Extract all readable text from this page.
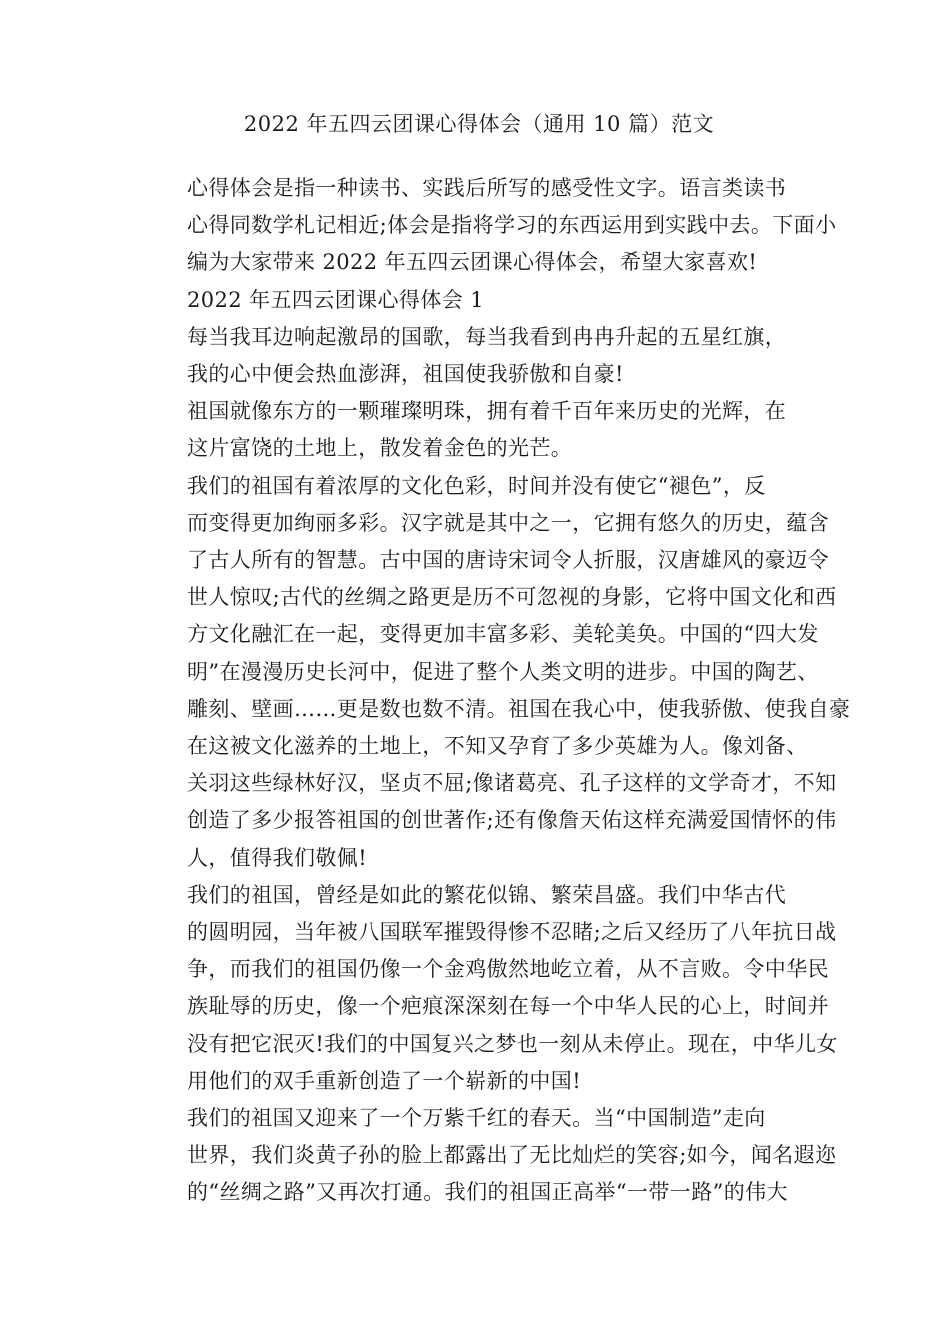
2022 年五四云团课心得体会（通用 10 篇）范文

心得体会是指一种读书、实践后所写的感受性文字。语言类读书
心得同数学札记相近;体会是指将学习的东西运用到实践中去。下面小
编为大家带来 2022 年五四云团课心得体会，希望大家喜欢!

2022 年五四云团课心得体会 1

每当我耳边响起激昂的国歌，每当我看到冉冉升起的五星红旗，
我的心中便会热血澎湃，祖国使我骄傲和自豪!

祖国就像东方的一颗璀璨明珠，拥有着千百年来历史的光辉，在
这片富饶的土地上，散发着金色的光芒。

我们的祖国有着浓厚的文化色彩，时间并没有使它“褪色”，反
而变得更加绚丽多彩。汉字就是其中之一，它拥有悠久的历史，蕴含
了古人所有的智慧。古中国的唐诗宋词令人折服，汉唐雄风的豪迈令
世人惊叹;古代的丝绸之路更是历不可忽视的身影，它将中国文化和西
方文化融汇在一起，变得更加丰富多彩、美轮美奂。中国的“四大发
明”在漫漫历史长河中，促进了整个人类文明的进步。中国的陶艺、
雕刻、壁画……更是数也数不清。祖国在我心中，使我骄傲、使我自豪

在这被文化滋养的土地上，不知又孕育了多少英雄为人。像刘备、
关羽这些绿林好汉，坚贞不屈;像诸葛亮、孔子这样的文学奇才，不知
创造了多少报答祖国的创世著作;还有像詹天佑这样充满爱国情怀的伟
人，值得我们敬佩!

我们的祖国，曾经是如此的繁花似锦、繁荣昌盛。我们中华古代
的圆明园，当年被八国联军摧毁得惨不忍睹;之后又经历了八年抗日战
争，而我们的祖国仍像一个金鸡傲然地屹立着，从不言败。令中华民
族耻辱的历史，像一个疤痕深深刻在每一个中华人民的心上，时间并
没有把它泯灭!我们的中国复兴之梦也一刻从未停止。现在，中华儿女
用他们的双手重新创造了一个崭新的中国!

我们的祖国又迎来了一个万紫千红的春天。当“中国制造”走向
世界，我们炎黄子孙的脸上都露出了无比灿烂的笑容;如今，闻名遐迩
的“丝绸之路”又再次打通。我们的祖国正高举“一带一路”的伟大
